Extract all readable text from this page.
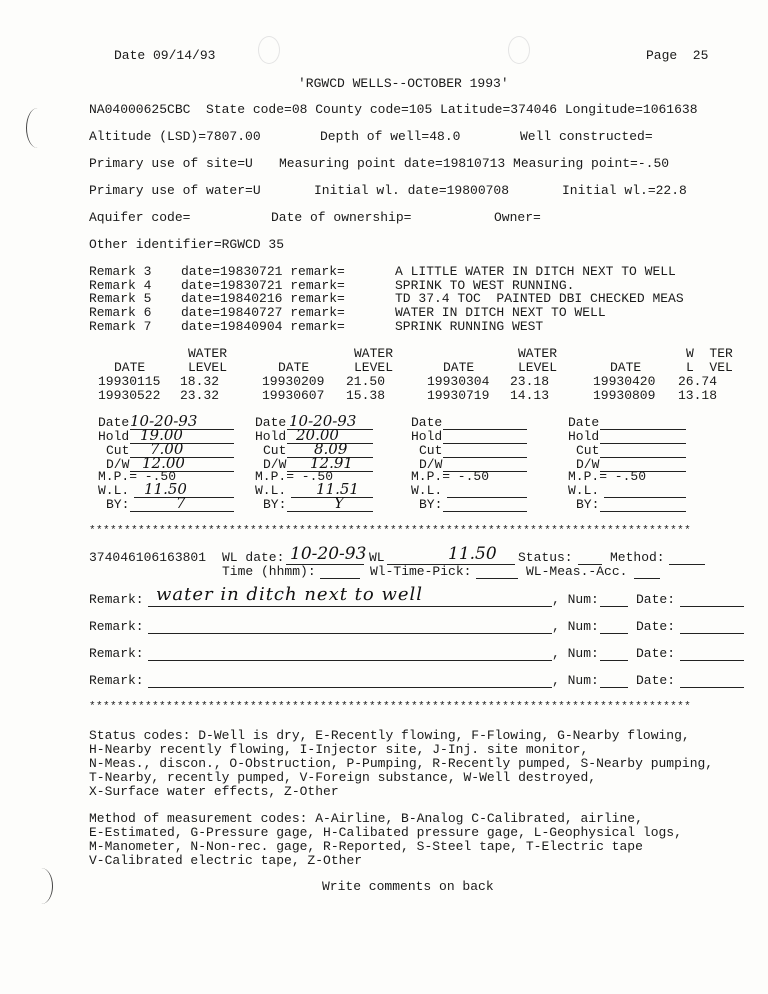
Date 09/14/93	Page  25
'RGWCD WELLS--OCTOBER 1993'
NA04000625CBC  State code=08 County code=105 Latitude=374046 Longitude=1061638
Altitude (LSD)=7807.00	Depth of well=48.0	Well constructed=
Primary use of site=U Measuring point date=19810713 Measuring point=-.50
Primary use of water=U	Initial wl. date=19800708	Initial wl.=22.8
Aquifer code=	Date of ownership=	Owner=
Other identifier=RGWCD 35
Remark 3 date=19830721 remark=	A LITTLE WATER IN DITCH NEXT TO WELL
Remark 4 date=19830721 remark=	SPRINK TO WEST RUNNING.
Remark 5 date=19840216 remark=	TD 37.4 TOC  PAINTED DBI CHECKED MEAS
Remark 6 date=19840727 remark=	WATER IN DITCH NEXT TO WELL
Remark 7 date=19840904 remark=	SPRINK RUNNING WEST
WATER	WATER	WATER	W  TER
DATE	LEVEL	DATE	LEVEL	DATE	LEVEL	DATE	L  VEL
19930115 18.32	19930209 21.50	19930304 23.18	19930420 26.74
19930522 23.32	19930607 15.38	19930719 14.13	19930809 13.18
Date 10-20-93
Hold 19.00
Cut 7.00
D/W 12.00
M.P.= -.50
W.L. 11.50
BY:	7
Date 10-20-93
Hold 20.00
Cut 8.09
D/W 12.91
M.P.= -.50
W.L. 11.51
BY:	Y
Date
Hold
Cut
D/W
M.P.= -.50
W.L.
BY:
Date
Hold
Cut
D/W
M.P.= -.50
W.L.
BY:
**************************************************************************************
374046106163801 WL date: 10-20-93 WL	11.50 Status:	Method:
Time (hhmm):	Wl-Time-Pick:	WL-Meas.-Acc.
Remark: water in ditch next to well	, Num:	Date:
Remark:	, Num:	Date:
Remark:	, Num:	Date:
Remark:	, Num:	Date:
**************************************************************************************
Status codes: D-Well is dry, E-Recently flowing, F-Flowing, G-Nearby flowing,
H-Nearby recently flowing, I-Injector site, J-Inj. site monitor,
N-Meas., discon., O-Obstruction, P-Pumping, R-Recently pumped, S-Nearby pumping,
T-Nearby, recently pumped, V-Foreign substance, W-Well destroyed,
X-Surface water effects, Z-Other
Method of measurement codes: A-Airline, B-Analog C-Calibrated, airline,
E-Estimated, G-Pressure gage, H-Calibated pressure gage, L-Geophysical logs,
M-Manometer, N-Non-rec. gage, R-Reported, S-Steel tape, T-Electric tape
V-Calibrated electric tape, Z-Other
Write comments on back
